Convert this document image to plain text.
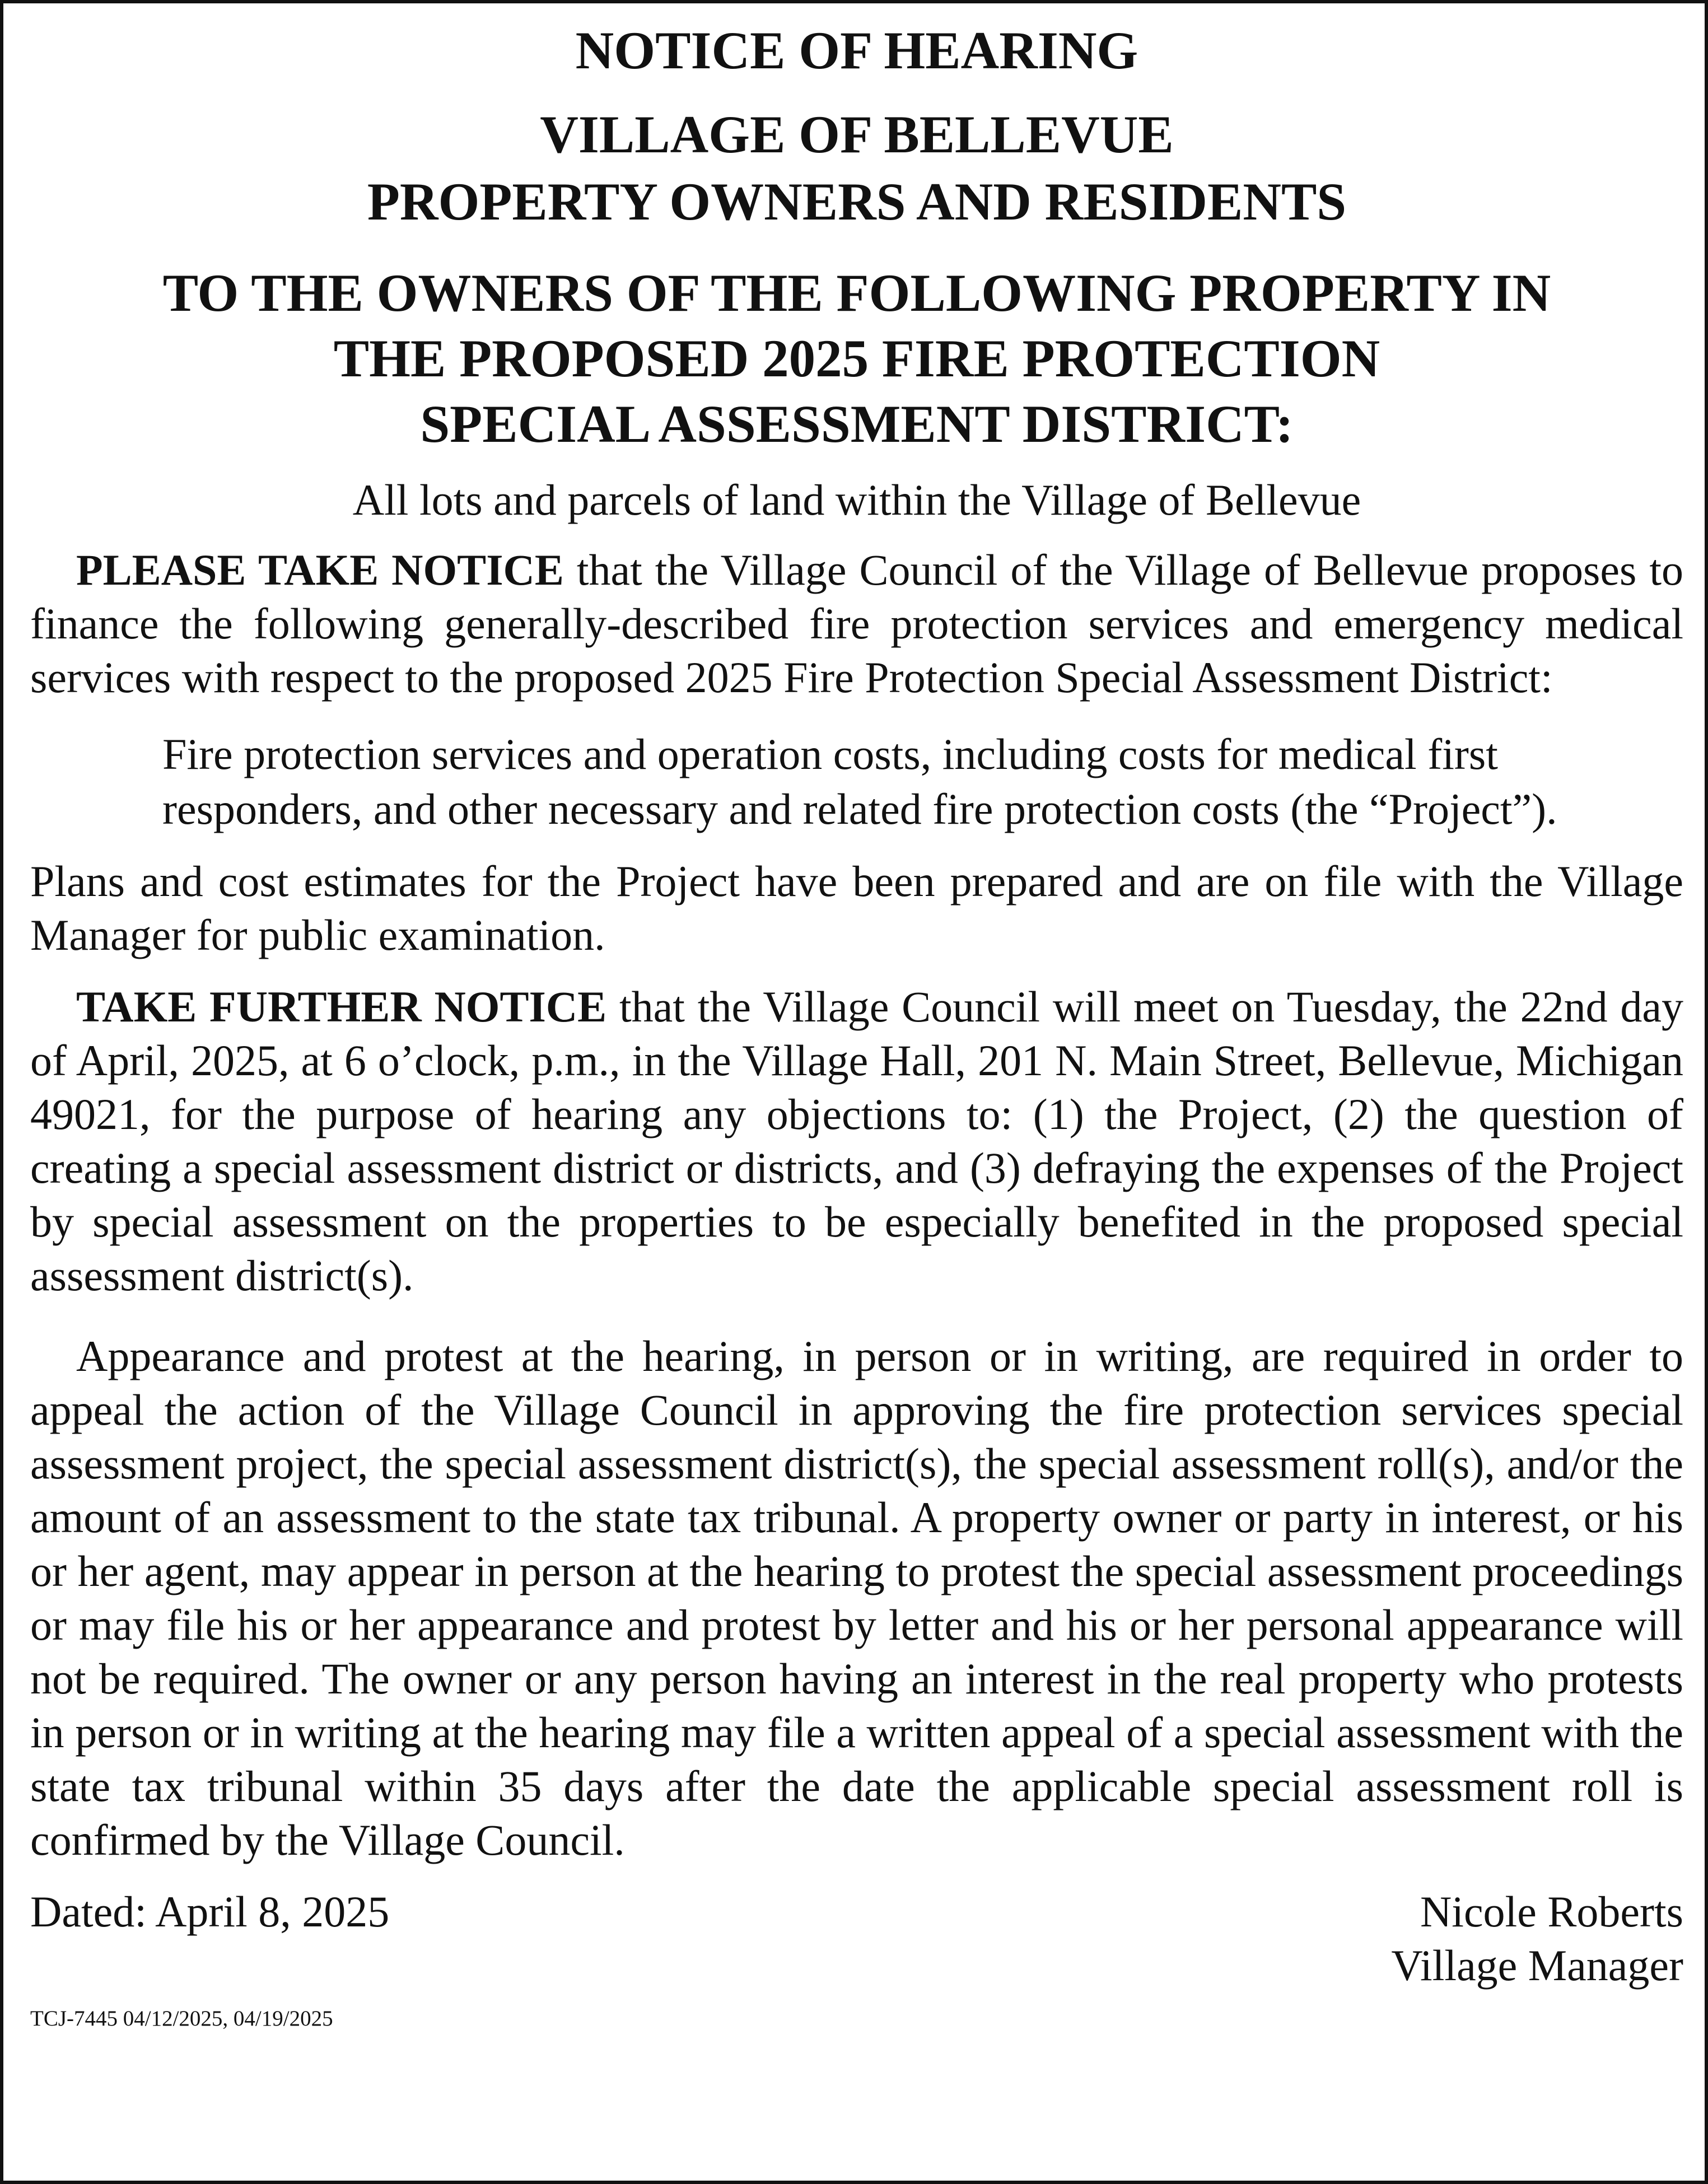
NOTICE OF HEARING
VILLAGE OF BELLEVUE
PROPERTY OWNERS AND RESIDENTS
TO THE OWNERS OF THE FOLLOWING PROPERTY IN
THE PROPOSED 2025 FIRE PROTECTION
SPECIAL ASSESSMENT DISTRICT:
All lots and parcels of land within the Village of Bellevue

PLEASE TAKE NOTICE that the Village Council of the Village of Bellevue proposes to finance the following generally-described fire protection services and emergency medical services with respect to the proposed 2025 Fire Protection Special Assessment District:

Fire protection services and operation costs, including costs for medical first responders, and other necessary and related fire protection costs (the “Project”).

Plans and cost estimates for the Project have been prepared and are on file with the Village Manager for public examination.

TAKE FURTHER NOTICE that the Village Council will meet on Tuesday, the 22nd day of April, 2025, at 6 o’clock, p.m., in the Village Hall, 201 N. Main Street, Bellevue, Michigan 49021, for the purpose of hearing any objections to: (1) the Project, (2) the question of creating a special assessment district or districts, and (3) defraying the expenses of the Project by special assessment on the properties to be especially benefited in the proposed special assessment district(s).

Appearance and protest at the hearing, in person or in writing, are required in order to appeal the action of the Village Council in approving the fire protection services special assessment project, the special assessment district(s), the special assessment roll(s), and/or the amount of an assessment to the state tax tribunal. A property owner or party in interest, or his or her agent, may appear in person at the hearing to protest the special assessment proceedings or may file his or her appearance and protest by letter and his or her personal appearance will not be required. The owner or any person having an interest in the real property who protests in person or in writing at the hearing may file a written appeal of a special assessment with the state tax tribunal within 35 days after the date the applicable special assessment roll is confirmed by the Village Council.

Dated: April 8, 2025	Nicole Roberts
Village Manager

TCJ-7445 04/12/2025, 04/19/2025
